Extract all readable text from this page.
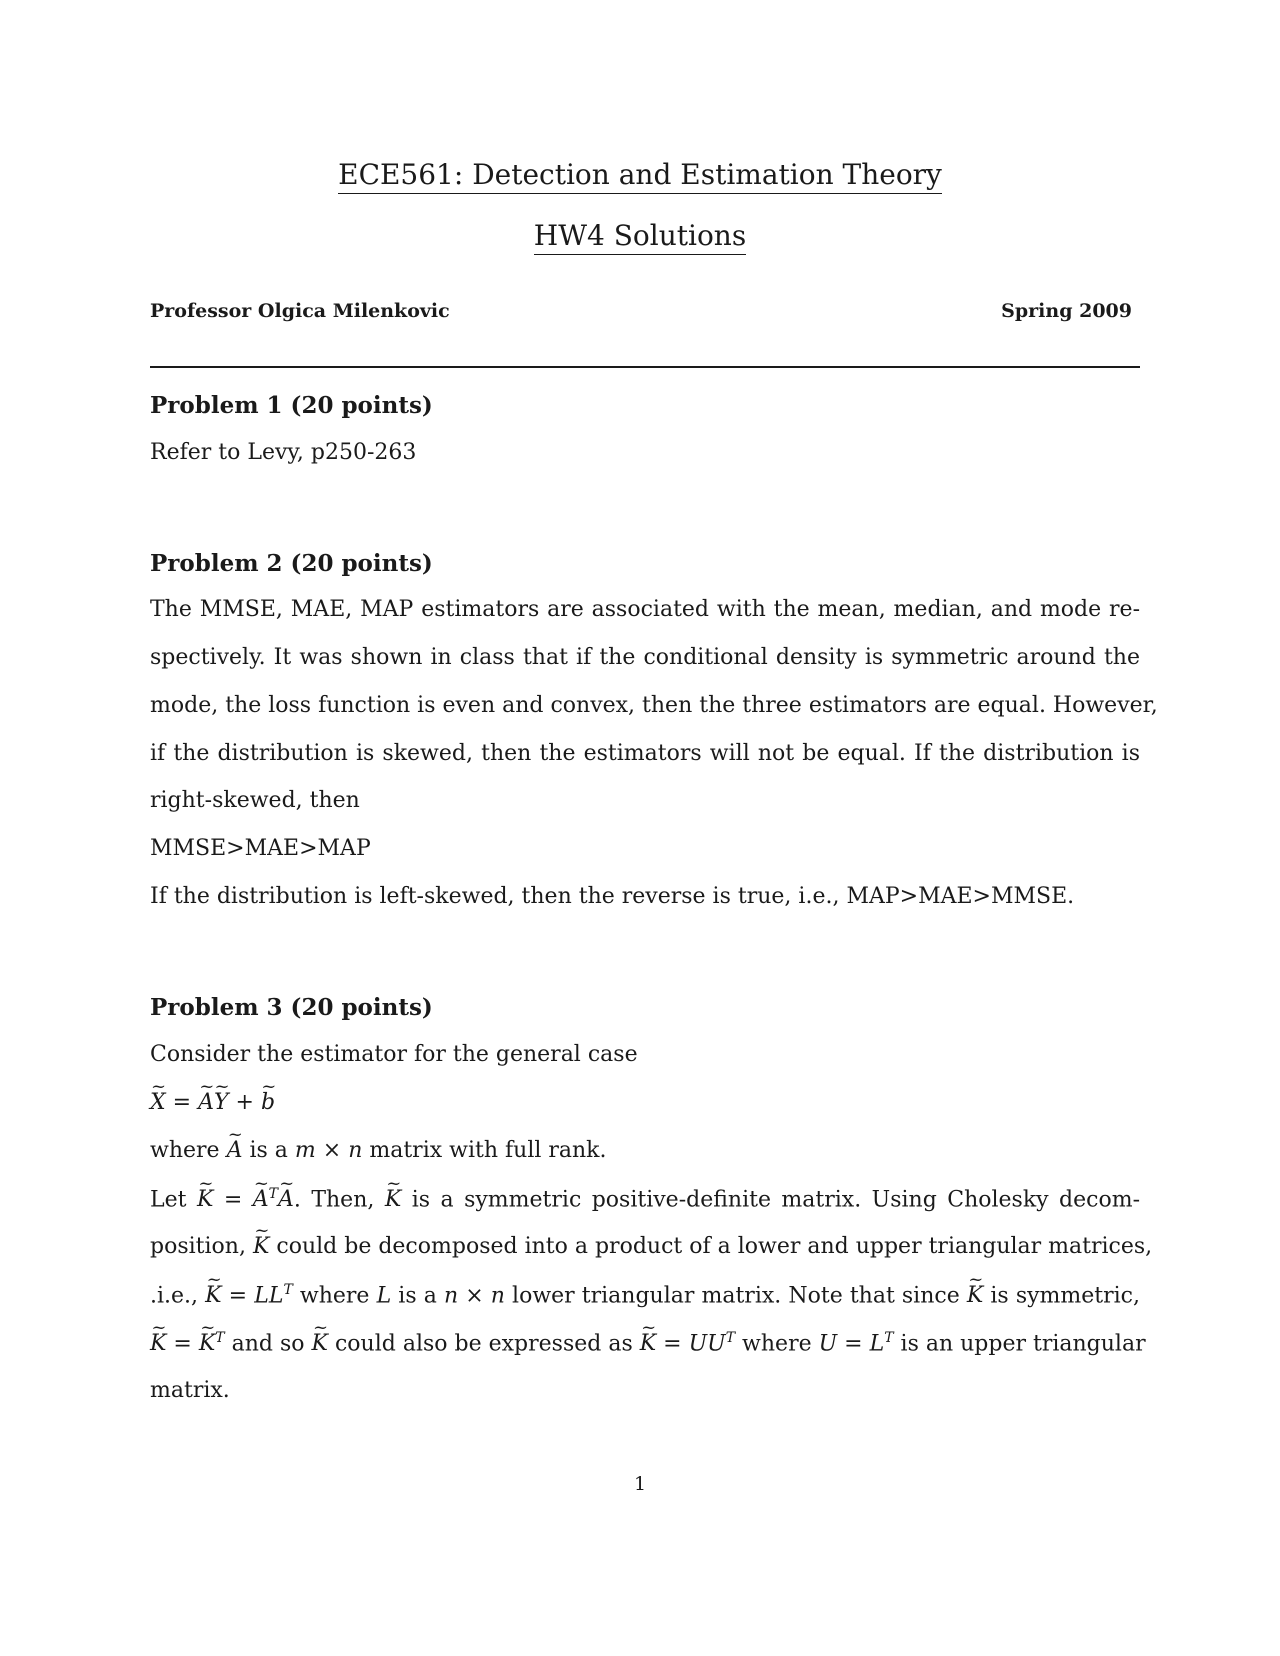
ECE561: Detection and Estimation Theory
HW4 Solutions
Professor Olgica Milenkovic	Spring 2009
Problem 1 (20 points)
Refer to Levy, p250-263
Problem 2 (20 points)
The MMSE, MAE, MAP estimators are associated with the mean, median, and mode re-
spectively. It was shown in class that if the conditional density is symmetric around the
mode, the loss function is even and convex, then the three estimators are equal. However,
if the distribution is skewed, then the estimators will not be equal. If the distribution is
right-skewed, then
MMSE>MAE>MAP
If the distribution is left-skewed, then the reverse is true, i.e., MAP>MAE>MMSE.
Problem 3 (20 points)
Consider the estimator for the general case
~ X = ~ A~ Y + ~ b
where ~ A is a m × n matrix with full rank.
Let ~ K = ~ $A^T\sim$ A. Then, ~ K is a symmetric positive-definite matrix. Using Cholesky decom-
position, ~ K could be decomposed into a product of a lower and upper triangular matrices,
.i.e., ~ $K = LL^T$ where L is a n × n lower triangular matrix. Note that since ~ K is symmetric,
~ K = ~ $K^T$ and so ~ K could also be expressed as ~ $K = UU^T$ where $U = L^T$ is an upper triangular
matrix.
1
